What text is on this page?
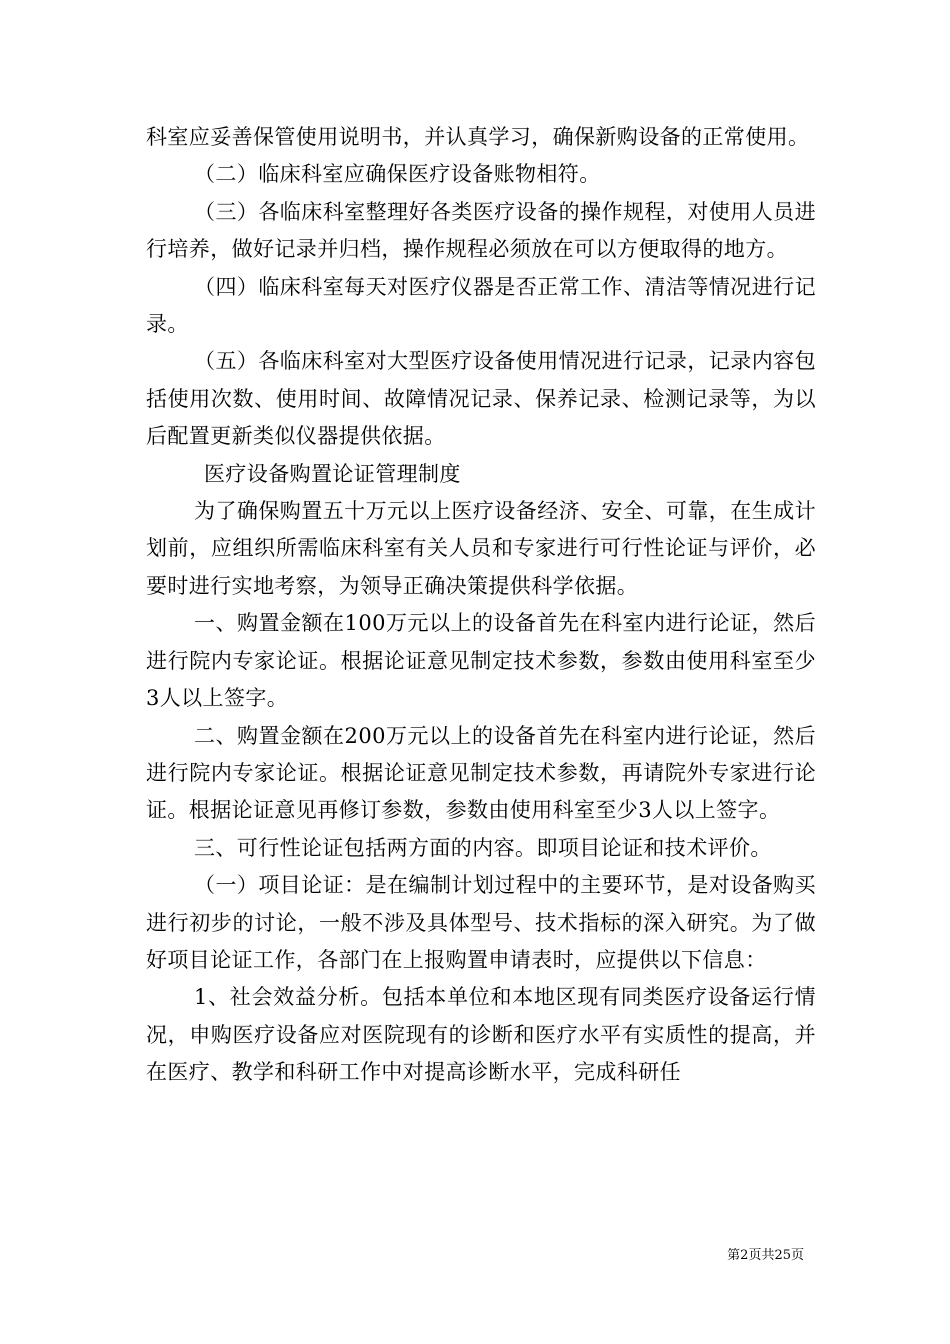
科室应妥善保管使用说明书，并认真学习，确保新购设备的正常使用。

（二）临床科室应确保医疗设备账物相符。

（三）各临床科室整理好各类医疗设备的操作规程，对使用人员进行培养，做好记录并归档，操作规程必须放在可以方便取得的地方。

（四）临床科室每天对医疗仪器是否正常工作、清洁等情况进行记录。

（五）各临床科室对大型医疗设备使用情况进行记录，记录内容包括使用次数、使用时间、故障情况记录、保养记录、检测记录等，为以后配置更新类似仪器提供依据。

医疗设备购置论证管理制度

为了确保购置五十万元以上医疗设备经济、安全、可靠，在生成计划前，应组织所需临床科室有关人员和专家进行可行性论证与评价，必要时进行实地考察，为领导正确决策提供科学依据。

一、购置金额在100万元以上的设备首先在科室内进行论证，然后进行院内专家论证。根据论证意见制定技术参数，参数由使用科室至少3人以上签字。

二、购置金额在200万元以上的设备首先在科室内进行论证，然后进行院内专家论证。根据论证意见制定技术参数，再请院外专家进行论证。根据论证意见再修订参数，参数由使用科室至少3人以上签字。

三、可行性论证包括两方面的内容。即项目论证和技术评价。

（一）项目论证：是在编制计划过程中的主要环节，是对设备购买进行初步的讨论，一般不涉及具体型号、技术指标的深入研究。为了做好项目论证工作，各部门在上报购置申请表时，应提供以下信息：

1、社会效益分析。包括本单位和本地区现有同类医疗设备运行情况，申购医疗设备应对医院现有的诊断和医疗水平有实质性的提高，并在医疗、教学和科研工作中对提高诊断水平，完成科研任

第2页共25页
